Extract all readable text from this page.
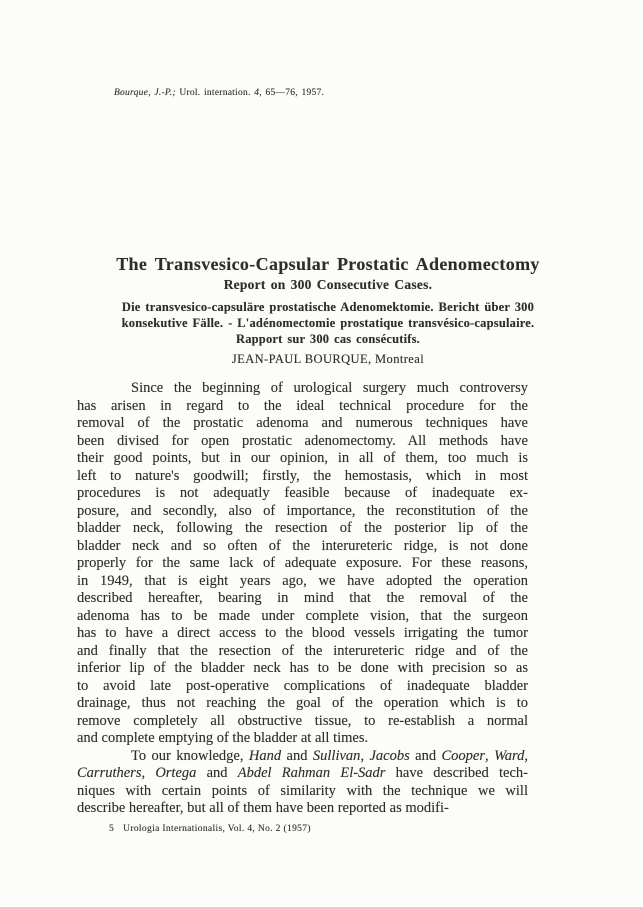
Bourque, J.-P.; Urol. internation. 4, 65—76, 1957.
The Transvesico-Capsular Prostatic Adenomectomy
Report on 300 Consecutive Cases.
Die transvesico-capsuläre prostatische Adenomektomie. Bericht über 300
konsekutive Fälle. - L'adénomectomie prostatique transvésico-capsulaire.
Rapport sur 300 cas consécutifs.
JEAN-PAUL BOURQUE, Montreal
Since the beginning of urological surgery much controversy
has arisen in regard to the ideal technical procedure for the
removal of the prostatic adenoma and numerous techniques have
been divised for open prostatic adenomectomy. All methods have
their good points, but in our opinion, in all of them, too much is
left to nature's goodwill; firstly, the hemostasis, which in most
procedures is not adequatly feasible because of inadequate ex-
posure, and secondly, also of importance, the reconstitution of the
bladder neck, following the resection of the posterior lip of the
bladder neck and so often of the interureteric ridge, is not done
properly for the same lack of adequate exposure. For these reasons,
in 1949, that is eight years ago, we have adopted the operation
described hereafter, bearing in mind that the removal of the
adenoma has to be made under complete vision, that the surgeon
has to have a direct access to the blood vessels irrigating the tumor
and finally that the resection of the interureteric ridge and of the
inferior lip of the bladder neck has to be done with precision so as
to avoid late post-operative complications of inadequate bladder
drainage, thus not reaching the goal of the operation which is to
remove completely all obstructive tissue, to re-establish a normal
and complete emptying of the bladder at all times.
To our knowledge, Hand and Sullivan, Jacobs and Cooper, Ward,
Carruthers, Ortega and Abdel Rahman El-Sadr have described tech-
niques with certain points of similarity with the technique we will
describe hereafter, but all of them have been reported as modifi-
5 Urologia Internationalis, Vol. 4, No. 2 (1957)
